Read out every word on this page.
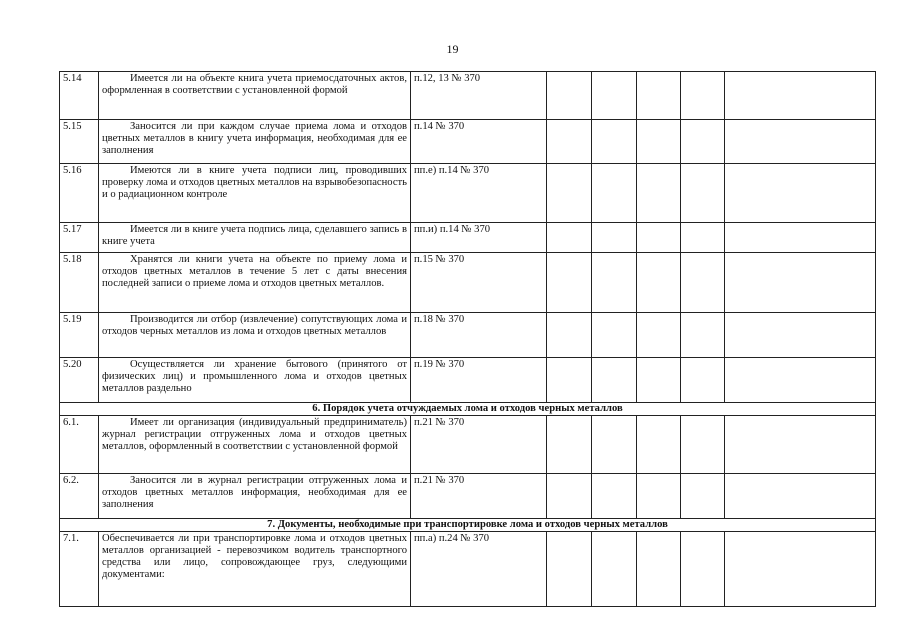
19
5.14	Имеется ли на объекте книга учета приемосдаточных актов, оформленная в соответствии с установленной формой	п.12, 13 № 370					
5.15	Заносится ли при каждом случае приема лома и отходов цветных металлов в книгу учета информация, необходимая для ее заполнения	п.14 № 370					
5.16	Имеются ли в книге учета подписи лиц, проводивших проверку лома и отходов цветных металлов на взрывобезопасность и о радиационном контроле	пп.е) п.14 № 370					
5.17	Имеется ли в книге учета подпись лица, сделавшего запись в книге учета	пп.и) п.14 № 370					
5.18	Хранятся ли книги учета на объекте по приему лома и отходов цветных металлов в течение 5 лет с даты внесения последней записи о приеме лома и отходов цветных металлов.	п.15 № 370					
5.19	Производится ли отбор (извлечение) сопутствующих лома и отходов черных металлов из лома и отходов цветных металлов	п.18 № 370					
5.20	Осуществляется ли хранение бытового (принятого от физических лиц) и промышленного лома и отходов цветных металлов раздельно	п.19 № 370					
6. Порядок учета отчуждаемых лома и отходов черных металлов							
6.1.	Имеет ли организация (индивидуальный предприниматель) журнал регистрации отгруженных лома и отходов цветных металлов, оформленный в соответствии с установленной формой	п.21 № 370					
6.2.	Заносится ли в журнал регистрации отгруженных лома и отходов цветных металлов информация, необходимая для ее заполнения	п.21 № 370					
7. Документы, необходимые при транспортировке лома и отходов черных металлов							
7.1.	Обеспечивается ли при транспортировке лома и отходов цветных металлов организацией - перевозчиком водитель транспортного средства или лицо, сопровождающее груз, следующими документами:	пп.а) п.24 № 370					
